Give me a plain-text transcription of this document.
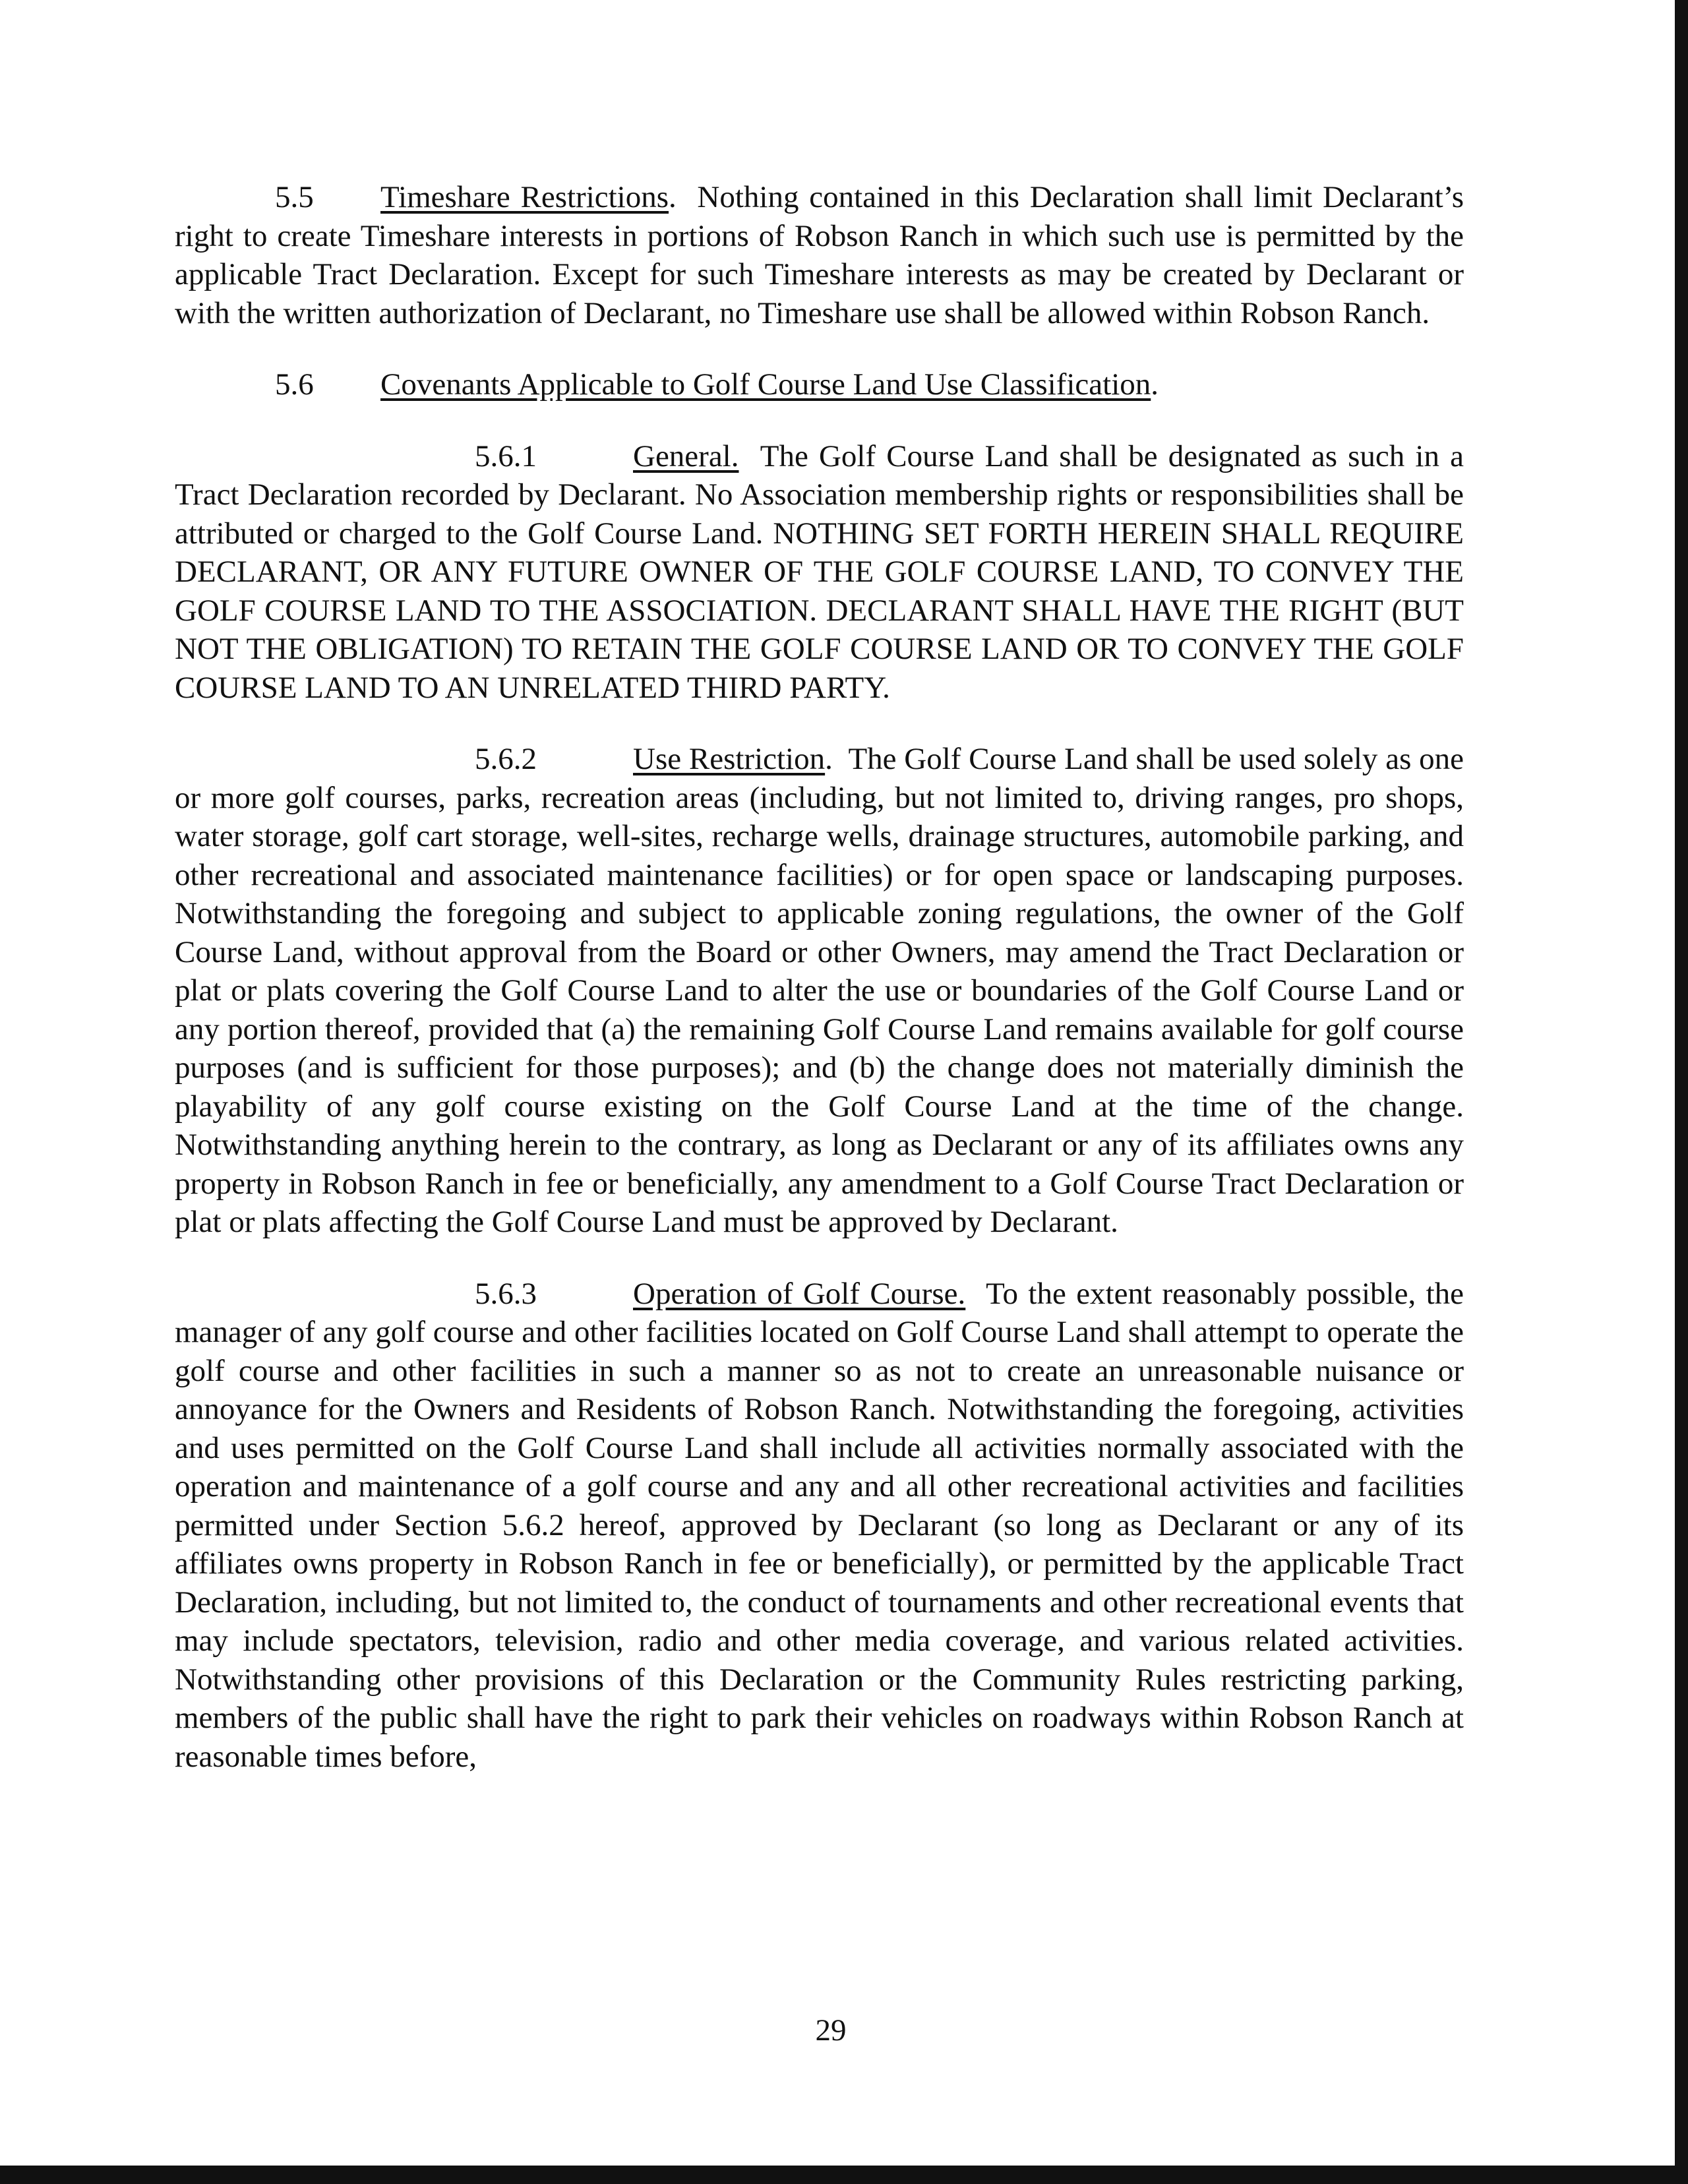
5.5 Timeshare Restrictions. Nothing contained in this Declaration shall limit Declarant’s right to create Timeshare interests in portions of Robson Ranch in which such use is permitted by the applicable Tract Declaration. Except for such Timeshare interests as may be created by Declarant or with the written authorization of Declarant, no Timeshare use shall be allowed within Robson Ranch.

5.6 Covenants Applicable to Golf Course Land Use Classification.

5.6.1	General. The Golf Course Land shall be designated as such in a Tract Declaration recorded by Declarant. No Association membership rights or responsibilities shall be attributed or charged to the Golf Course Land. NOTHING SET FORTH HEREIN SHALL REQUIRE DECLARANT, OR ANY FUTURE OWNER OF THE GOLF COURSE LAND, TO CONVEY THE GOLF COURSE LAND TO THE ASSOCIATION. DECLARANT SHALL HAVE THE RIGHT (BUT NOT THE OBLIGATION) TO RETAIN THE GOLF COURSE LAND OR TO CONVEY THE GOLF COURSE LAND TO AN UNRELATED THIRD PARTY.

5.6.2	Use Restriction. The Golf Course Land shall be used solely as one or more golf courses, parks, recreation areas (including, but not limited to, driving ranges, pro shops, water storage, golf cart storage, well-sites, recharge wells, drainage structures, automobile parking, and other recreational and associated maintenance facilities) or for open space or landscaping purposes. Notwithstanding the foregoing and subject to applicable zoning regulations, the owner of the Golf Course Land, without approval from the Board or other Owners, may amend the Tract Declaration or plat or plats covering the Golf Course Land to alter the use or boundaries of the Golf Course Land or any portion thereof, provided that (a) the remaining Golf Course Land remains available for golf course purposes (and is sufficient for those purposes); and (b) the change does not materially diminish the playability of any golf course existing on the Golf Course Land at the time of the change. Notwithstanding anything herein to the contrary, as long as Declarant or any of its affiliates owns any property in Robson Ranch in fee or beneficially, any amendment to a Golf Course Tract Declaration or plat or plats affecting the Golf Course Land must be approved by Declarant.

5.6.3	Operation of Golf Course. To the extent reasonably possible, the manager of any golf course and other facilities located on Golf Course Land shall attempt to operate the golf course and other facilities in such a manner so as not to create an unreasonable nuisance or annoyance for the Owners and Residents of Robson Ranch. Notwithstanding the foregoing, activities and uses permitted on the Golf Course Land shall include all activities normally associated with the operation and maintenance of a golf course and any and all other recreational activities and facilities permitted under Section 5.6.2 hereof, approved by Declarant (so long as Declarant or any of its affiliates owns property in Robson Ranch in fee or beneficially), or permitted by the applicable Tract Declaration, including, but not limited to, the conduct of tournaments and other recreational events that may include spectators, television, radio and other media coverage, and various related activities. Notwithstanding other provisions of this Declaration or the Community Rules restricting parking, members of the public shall have the right to park their vehicles on roadways within Robson Ranch at reasonable times before,

29
